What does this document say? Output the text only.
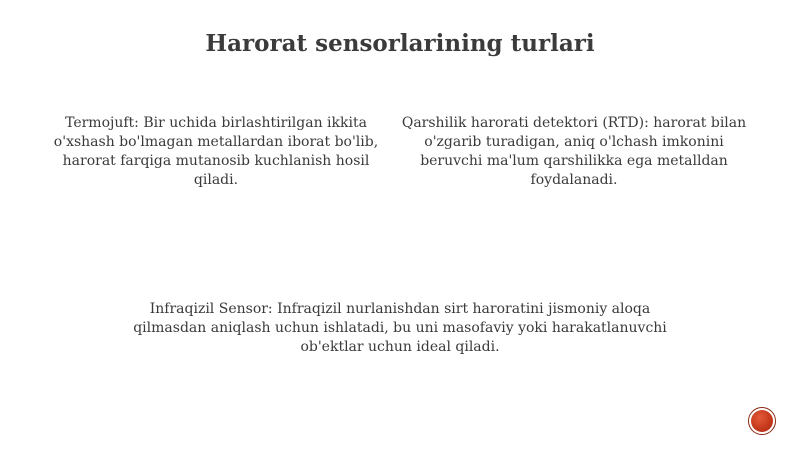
Harorat sensorlarining turlari

Termojuft: Bir uchida birlashtirilgan ikkita o'xshash bo'lmagan metallardan iborat bo'lib, harorat farqiga mutanosib kuchlanish hosil qiladi.

Qarshilik harorati detektori (RTD): harorat bilan o'zgarib turadigan, aniq o'lchash imkonini beruvchi ma'lum qarshilikka ega metalldan foydalanadi.

Infraqizil Sensor: Infraqizil nurlanishdan sirt haroratini jismoniy aloqa qilmasdan aniqlash uchun ishlatadi, bu uni masofaviy yoki harakatlanuvchi ob'ektlar uchun ideal qiladi.
